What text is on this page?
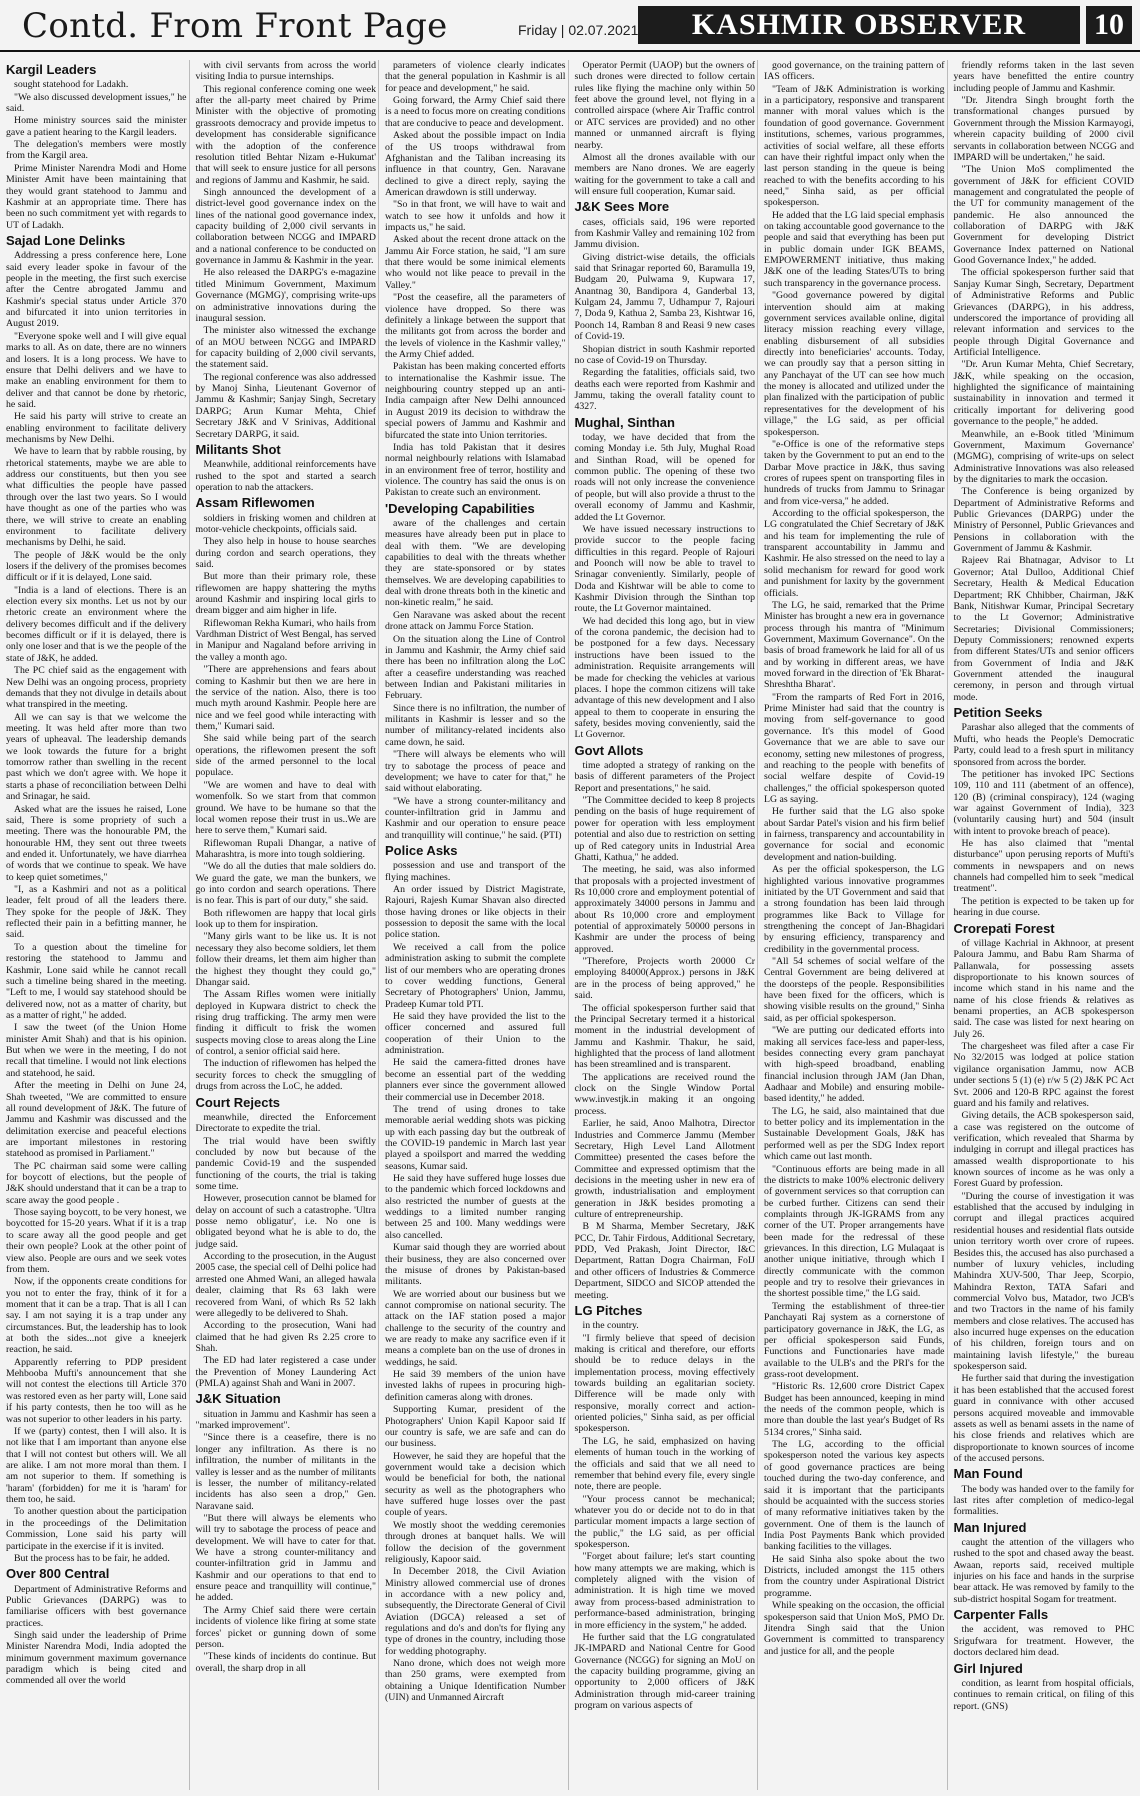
Contd. From Front Page	Friday | 02.07.2021	KASHMIR OBSERVER	10
Kargil Leaders

sought statehood for Ladakh.

"We also discussed development issues," he said.

Home ministry sources said the minister gave a patient hearing to the Kargil leaders.

The delegation's members were mostly from the Kargil area.

Prime Minister Narendra Modi and Home Minister Amit have been maintaining that they would grant statehood to Jammu and Kashmir at an appropriate time. There has been no such commitment yet with regards to UT of Ladakh.

Sajad Lone Delinks

Addressing a press conference here, Lone said every leader spoke in favour of the people in the meeting, the first such exercise after the Centre abrogated Jammu and Kashmir's special status under Article 370 and bifurcated it into union territories in August 2019.

"Everyone spoke well and I will give equal marks to all. As on date, there are no winners and losers. It is a long process. We have to ensure that Delhi delivers and we have to make an enabling environment for them to deliver and that cannot be done by rhetoric, he said.

He said his party will strive to create an enabling environment to facilitate delivery mechanisms by New Delhi.

We have to learn that by rabble rousing, by rhetorical statements, maybe we are able to address our constituents, but then you see what difficulties the people have passed through over the last two years. So I would have thought as one of the parties who was there, we will strive to create an enabling environment to facilitate delivery mechanisms by Delhi, he said.

The people of J&K would be the only losers if the delivery of the promises becomes difficult or if it is delayed, Lone said.

"India is a land of elections. There is an election every six months. Let us not by our rhetoric create an environment where the delivery becomes difficult and if the delivery becomes difficult or if it is delayed, there is only one loser and that is we the people of the state of J&K, he added.

The PC chief said as the engagement with New Delhi was an ongoing process, propriety demands that they not divulge in details about what transpired in the meeting.

All we can say is that we welcome the meeting. It was held after more than two years of upheaval. The leadership demands we look towards the future for a bright tomorrow rather than swelling in the recent past which we don't agree with. We hope it starts a phase of reconciliation between Delhi and Srinagar, he said.

Asked what are the issues he raised, Lone said, There is some propriety of such a meeting. There was the honourable PM, the honourable HM, they sent out three tweets and ended it. Unfortunately, we have diarrhea of words that we continue to speak. We have to keep quiet sometimes,"

"I, as a Kashmiri and not as a political leader, felt proud of all the leaders there. They spoke for the people of J&K. They reflected their pain in a befitting manner, he said.

To a question about the timeline for restoring the statehood to Jammu and Kashmir, Lone said while he cannot recall such a timeline being shared in the meeting. "Left to me, I would say statehood should be delivered now, not as a matter of charity, but as a matter of right," he added.

I saw the tweet (of the Union Home minister Amit Shah) and that is his opinion. But when we were in the meeting, I do not recall that timeline. I would not link elections and statehood, he said.

After the meeting in Delhi on June 24, Shah tweeted, "We are committed to ensure all round development of J&K. The future of Jammu and Kashmir was discussed and the delimitation exercise and peaceful elections are important milestones in restoring statehood as promised in Parliament."

The PC chairman said some were calling for boycott of elections, but the people of J&K should understand that it can be a trap to scare away the good people .

Those saying boycott, to be very honest, we boycotted for 15-20 years. What if it is a trap to scare away all the good people and get their own people? Look at the other point of view also. People are ours and we seek votes from them.

Now, if the opponents create conditions for you not to enter the fray, think of it for a moment that it can be a trap. That is all I can say. I am not saying it is a trap under any circumstances. But, the leadership has to look at both the sides...not give a kneejerk reaction, he said.

Apparently referring to PDP president Mehbooba Mufti's announcement that she will not contest the elections till Article 370 was restored even as her party will, Lone said if his party contests, then he too will as he was not superior to other leaders in his party.

If we (party) contest, then I will also. It is not like that I am important than anyone else that I will not contest but others will. We all are alike. I am not more moral than them. I am not superior to them. If something is 'haram' (forbidden) for me it is 'haram' for them too, he said.

To another question about the participation in the proceedings of the Delimitation Commission, Lone said his party will participate in the exercise if it is invited.

But the process has to be fair, he added.

Over 800 Central

Department of Administrative Reforms and Public Grievances (DARPG) was to familiarise officers with best governance practices.

Singh said under the leadership of Prime Minister Narendra Modi, India adopted the minimum government maximum governance paradigm which is being cited and commended all over the world

with civil servants from across the world visiting India to pursue internships.

This regional conference coming one week after the all-party meet chaired by Prime Minister with the objective of promoting grassroots democracy and provide impetus to development has considerable significance with the adoption of the conference resolution titled Behtar Nizam e-Hukumat' that will seek to ensure justice for all persons and regions of Jammu and Kashmir, he said.

Singh announced the development of a district-level good governance index on the lines of the national good governance index, capacity building of 2,000 civil servants in collaboration between NCGG and IMPARD and a national conference to be conducted on governance in Jammu & Kashmir in the year.

He also released the DARPG's e-magazine titled Minimum Government, Maximum Governance (MGMG)', comprising write-ups on administrative innovations during the inaugural session.

The minister also witnessed the exchange of an MOU between NCGG and IMPARD for capacity building of 2,000 civil servants, the statement said.

The regional conference was also addressed by Manoj Sinha, Lieutenant Governor of Jammu & Kashmir; Sanjay Singh, Secretary DARPG; Arun Kumar Mehta, Chief Secretary J&K and V Srinivas, Additional Secretary DARPG, it said.

Militants Shot

Meanwhile, additional reinforcements have rushed to the spot and started a search operation to nab the attackers.

Assam Riflewomen

soldiers in frisking women and children at motor-vehicle checkpoints, officials said.

They also help in house to house searches during cordon and search operations, they said.

But more than their primary role, these riflewomen are happy shattering the myths around Kashmir and inspiring local girls to dream bigger and aim higher in life.

Riflewoman Rekha Kumari, who hails from Vardhman District of West Bengal, has served in Manipur and Nagaland before arriving in the valley a month ago.

"There are apprehensions and fears about coming to Kashmir but then we are here in the service of the nation. Also, there is too much myth around Kashmir. People here are nice and we feel good while interacting with them," Kumari said.

She said while being part of the search operations, the riflewomen present the soft side of the armed personnel to the local populace.

"We are women and have to deal with womenfolk. So we start from that common ground. We have to be humane so that the local women repose their trust in us..We are here to serve them," Kumari said.

Riflewoman Rupali Dhangar, a native of Maharashtra, is more into tough soldiering.

"We do all the duties that male soldiers do. We guard the gate, we man the bunkers, we go into cordon and search operations. There is no fear. This is part of our duty," she said.

Both riflewomen are happy that local girls look up to them for inspiration.

"Many girls want to be like us. It is not necessary they also become soldiers, let them follow their dreams, let them aim higher than the highest they thought they could go," Dhangar said.

The Assam Rifles women were initially deployed in Kupwara district to check the rising drug trafficking. The army men were finding it difficult to frisk the women suspects moving close to areas along the Line of control, a senior official said here.

The induction of riflewomen has helped the security forces to check the smuggling of drugs from across the LoC, he added.

Court Rejects

meanwhile, directed the Enforcement Directorate to expedite the trial.

The trial would have been swiftly concluded by now but because of the pandemic Covid-19 and the suspended functioning of the courts, the trial is taking some time.

However, prosecution cannot be blamed for delay on account of such a catastrophe. 'Ultra posse nemo obligatur', i.e. No one is obligated beyond what he is able to do, the judge said.

According to the prosecution, in the August 2005 case, the special cell of Delhi police had arrested one Ahmed Wani, an alleged hawala dealer, claiming that Rs 63 lakh were recovered from Wani, of which Rs 52 lakh were allegedly to be delivered to Shah.

According to the prosecution, Wani had claimed that he had given Rs 2.25 crore to Shah.

The ED had later registered a case under the Prevention of Money Laundering Act (PMLA) against Shah and Wani in 2007.

J&K Situation

situation in Jammu and Kashmir has seen a "marked improvement".

"Since there is a ceasefire, there is no longer any infiltration. As there is no infiltration, the number of militants in the valley is lesser and as the number of militants is lesser, the number of militancy-related incidents has also seen a drop," Gen. Naravane said.

"But there will always be elements who will try to sabotage the process of peace and development. We will have to cater for that. We have a strong counter-militancy and counter-infiltration grid in Jammu and Kashmir and our operations to that end to ensure peace and tranquillity will continue," he added.

The Army Chief said there were certain incidents of violence like firing at some state forces' picket or gunning down of some person.

"These kinds of incidents do continue. But overall, the sharp drop in all

parameters of violence clearly indicates that the general population in Kashmir is all for peace and development," he said.

Going forward, the Army Chief said there is a need to focus more on creating conditions that are conducive to peace and development.

Asked about the possible impact on India of the US troops withdrawal from Afghanistan and the Taliban increasing its influence in that country, Gen. Naravane declined to give a direct reply, saying the American drawdown is still underway.

"So in that front, we will have to wait and watch to see how it unfolds and how it impacts us," he said.

Asked about the recent drone attack on the Jammu Air Force station, he said, "I am sure that there would be some inimical elements who would not like peace to prevail in the Valley."

"Post the ceasefire, all the parameters of violence have dropped. So there was definitely a linkage between the support that the militants got from across the border and the levels of violence in the Kashmir valley," the Army Chief added.

Pakistan has been making concerted efforts to internationalise the Kashmir issue. The neighbouring country stepped up an anti-India campaign after New Delhi announced in August 2019 its decision to withdraw the special powers of Jammu and Kashmir and bifurcated the state into Union territories.

India has told Pakistan that it desires normal neighbourly relations with Islamabad in an environment free of terror, hostility and violence. The country has said the onus is on Pakistan to create such an environment.

'Developing Capabilities

aware of the challenges and certain measures have already been put in place to deal with them. "We are developing capabilities to deal with the threats whether they are state-sponsored or by states themselves. We are developing capabilities to deal with drone threats both in the kinetic and non-kinetic realm," he said.

Gen Naravane was asked about the recent drone attack on Jammu Force Station.

On the situation along the Line of Control in Jammu and Kashmir, the Army chief said there has been no infiltration along the LoC after a ceasefire understanding was reached between Indian and Pakistani militaries in February.

Since there is no infiltration, the number of militants in Kashmir is lesser and so the number of militancy-related incidents also came down, he said.

"There will always be elements who will try to sabotage the process of peace and development; we have to cater for that," he said without elaborating.

"We have a strong counter-militancy and counter-infiltration grid in Jammu and Kashmir and our operation to ensure peace and tranquillity will continue," he said. (PTI)

Police Asks

possession and use and transport of the flying machines.

An order issued by District Magistrate, Rajouri, Rajesh Kumar Shavan also directed those having drones or like objects in their possession to deposit the same with the local police station.

We received a call from the police administration asking to submit the complete list of our members who are operating drones to cover wedding functions, General Secretary of Photographers' Union, Jammu, Pradeep Kumar told PTI.

He said they have provided the list to the officer concerned and assured full cooperation of their Union to the administration.

He said the camera-fitted drones have become an essential part of the wedding planners ever since the government allowed their commercial use in December 2018.

The trend of using drones to take memorable aerial wedding shots was picking up with each passing day but the outbreak of the COVID-19 pandemic in March last year played a spoilsport and marred the wedding seasons, Kumar said.

He said they have suffered huge losses due to the pandemic which forced lockdowns and also restricted the number of guests at the weddings to a limited number ranging between 25 and 100. Many weddings were also cancelled.

Kumar said though they are worried about their business, they are also concerned over the misuse of drones by Pakistan-based militants.

We are worried about our business but we cannot compromise on national security. The attack on the IAF station posed a major challenge to the security of the country and we are ready to make any sacrifice even if it means a complete ban on the use of drones in weddings, he said.

He said 39 members of the union have invested lakhs of rupees in procuring high-definition cameras along with drones.

Supporting Kumar, president of the Photographers' Union Kapil Kapoor said If our country is safe, we are safe and can do our business.

However, he said they are hopeful that the government would take a decision which would be beneficial for both, the national security as well as the photographers who have suffered huge losses over the past couple of years.

We mostly shoot the wedding ceremonies through drones at banquet halls. We will follow the decision of the government religiously, Kapoor said.

In December 2018, the Civil Aviation Ministry allowed commercial use of drones in accordance with a new policy and, subsequently, the Directorate General of Civil Aviation (DGCA) released a set of regulations and do's and don'ts for flying any type of drones in the country, including those for wedding photography.

Nano drone, which does not weigh more than 250 grams, were exempted from obtaining a Unique Identification Number (UIN) and Unmanned Aircraft

Operator Permit (UAOP) but the owners of such drones were directed to follow certain rules like flying the machine only within 50 feet above the ground level, not flying in a controlled airspace (where Air Traffic control or ATC services are provided) and no other manned or unmanned aircraft is flying nearby.

Almost all the drones available with our members are Nano drones. We are eagerly waiting for the government to take a call and will ensure full cooperation, Kumar said.

J&K Sees More

cases, officials said, 196 were reported from Kashmir Valley and remaining 102 from Jammu division.

Giving district-wise details, the officials said that Srinagar reported 60, Baramulla 19, Budgam 20, Pulwama 9, Kupwara 17, Anantnag 30, Bandipora 4, Ganderbal 13, Kulgam 24, Jammu 7, Udhampur 7, Rajouri 7, Doda 9, Kathua 2, Samba 23, Kishtwar 16, Poonch 14, Ramban 8 and Reasi 9 new cases of Covid-19.

Shopian district in south Kashmir reported no case of Covid-19 on Thursday.

Regarding the fatalities, officials said, two deaths each were reported from Kashmir and Jammu, taking the overall fatality count to 4327.

Mughal, Sinthan

today, we have decided that from the coming Monday i.e. 5th July, Mughal Road and Sinthan Road, will be opened for common public. The opening of these two roads will not only increase the convenience of people, but will also provide a thrust to the overall economy of Jammu and Kashmir, added the Lt Governor.

We have issued necessary instructions to provide succor to the people facing difficulties in this regard. People of Rajouri and Poonch will now be able to travel to Srinagar conveniently. Similarly, people of Doda and Kishtwar will be able to come to Kashmir Division through the Sinthan top route, the Lt Governor maintained.

We had decided this long ago, but in view of the corona pandemic, the decision had to be postponed for a few days. Necessary instructions have been issued to the administration. Requisite arrangements will be made for checking the vehicles at various places. I hope the common citizens will take advantage of this new development and I also appeal to them to cooperate in ensuring the safety, besides moving conveniently, said the Lt Governor.

Govt Allots

time adopted a strategy of ranking on the basis of different parameters of the Project Report and presentations," he said.

"The Committee decided to keep 8 projects pending on the basis of huge requirement of power for operation with less employment potential and also due to restriction on setting up of Red category units in Industrial Area Ghatti, Kathua," he added.

The meeting, he said, was also informed that proposals with a projected investment of Rs 10,000 crore and employment potential of approximately 34000 persons in Jammu and about Rs 10,000 crore and employment potential of approximately 50000 persons in Kashmir are under the process of being approved.

"Therefore, Projects worth 20000 Cr employing 84000(Approx.) persons in J&K are in the process of being approved," he said.

The official spokesperson further said that the Principal Secretary termed it a historical moment in the industrial development of Jammu and Kashmir. Thakur, he said, highlighted that the process of land allotment has been streamlined and is transparent.

The applications are received round the clock on the Single Window Portal www.investjk.in making it an ongoing process.

Earlier, he said, Anoo Malhotra, Director Industries and Commerce Jammu (Member Secretary, High Level Land Allotment Committee) presented the cases before the Committee and expressed optimism that the decisions in the meeting usher in new era of growth, industrialisation and employment generation in J&K besides promoting a culture of entrepreneurship.

B M Sharma, Member Secretary, J&K PCC, Dr. Tahir Firdous, Additional Secretary, PDD, Ved Prakash, Joint Director, I&C Department, Rattan Dogra Chairman, FoIJ and other officers of Industries & Commerce Department, SIDCO and SICOP attended the meeting.

LG Pitches

in the country.

"I firmly believe that speed of decision making is critical and therefore, our efforts should be to reduce delays in the implementation process, moving effectively towards building an egalitarian society. Difference will be made only with responsive, morally correct and action-oriented policies," Sinha said, as per official spokesperson.

The LG, he said, emphasized on having elements of human touch in the working of the officials and said that we all need to remember that behind every file, every single note, there are people.

"Your process cannot be mechanical; whatever you do or decide not to do in that particular moment impacts a large section of the public," the LG said, as per official spokesperson.

"Forget about failure; let's start counting how many attempts we are making, which is completely aligned with the vision of administration. It is high time we moved away from process-based administration to performance-based administration, bringing in more efficiency in the system," he added.

He further said that the LG congratulated JK-IMPARD and National Centre for Good Governance (NCGG) for signing an MoU on the capacity building programme, giving an opportunity to 2,000 officers of J&K Administration through mid-career training program on various aspects of

good governance, on the training pattern of IAS officers.

"Team of J&K Administration is working in a participatory, responsive and transparent manner with moral values which is the foundation of good governance. Government institutions, schemes, various programmes, activities of social welfare, all these efforts can have their rightful impact only when the last person standing in the queue is being reached to with the benefits according to his need," Sinha said, as per official spokesperson.

He added that the LG laid special emphasis on taking accountable good governance to the people and said that everything has been put in public domain under IGK BEAMS, EMPOWERMENT initiative, thus making J&K one of the leading States/UTs to bring such transparency in the governance process.

"Good governance powered by digital intervention should aim at making government services available online, digital literacy mission reaching every village, enabling disbursement of all subsidies directly into beneficiaries' accounts. Today, we can proudly say that a person sitting in any Panchayat of the UT can see how much the money is allocated and utilized under the plan finalized with the participation of public representatives for the development of his village," the LG said, as per official spokesperson.

"e-Office is one of the reformative steps taken by the Government to put an end to the Darbar Move practice in J&K, thus saving crores of rupees spent on transporting files in hundreds of trucks from Jammu to Srinagar and from vice-versa," he added.

According to the official spokesperson, the LG congratulated the Chief Secretary of J&K and his team for implementing the rule of transparent accountability in Jammu and Kashmir. He also stressed on the need to lay a solid mechanism for reward for good work and punishment for laxity by the government officials.

The LG, he said, remarked that the Prime Minister has brought a new era in governance process through his mantra of "Minimum Government, Maximum Governance". On the basis of broad framework he laid for all of us and by working in different areas, we have moved forward in the direction of 'Ek Bharat- Shreshtha Bharat'.

"From the ramparts of Red Fort in 2016, Prime Minister had said that the country is moving from self-governance to good governance. It's this model of Good Governance that we are able to save our economy, setting new milestones of progress, and reaching to the people with benefits of social welfare despite of Covid-19 challenges," the official spokesperson quoted LG as saying.

He further said that the LG also spoke about Sardar Patel's vision and his firm belief in fairness, transparency and accountability in governance for social and economic development and nation-building.

As per the official spokesperson, the LG highlighted various innovative programmes initiated by the UT Government and said that a strong foundation has been laid through programmes like Back to Village for strengthening the concept of Jan-Bhagidari by ensuring efficiency, transparency and credibility in the governmental process.

"All 54 schemes of social welfare of the Central Government are being delivered at the doorsteps of the people. Responsibilities have been fixed for the officers, which is showing visible results on the ground," Sinha said, as per official spokesperson.

"We are putting our dedicated efforts into making all services face-less and paper-less, besides connecting every gram panchayat with high-speed broadband, enabling financial inclusion through JAM (Jan Dhan, Aadhaar and Mobile) and ensuring mobile-based identity," he added.

The LG, he said, also maintained that due to better policy and its implementation in the Sustainable Development Goals, J&K has performed well as per the SDG Index report which came out last month.

"Continuous efforts are being made in all the districts to make 100% electronic delivery of government services so that corruption can be curbed further. Citizens can send their complaints through JK-IGRAMS from any corner of the UT. Proper arrangements have been made for the redressal of these grievances. In this direction, LG Mulaqaat is another unique initiative, through which I directly communicate with the common people and try to resolve their grievances in the shortest possible time," the LG said.

Terming the establishment of three-tier Panchayati Raj system as a cornerstone of participatory governance in J&K, the LG, as per official spokesperson said Funds, Functions and Functionaries have made available to the ULB's and the PRI's for the grass-root development.

"Historic Rs. 12,600 crore District Capex Budget has been announced, keeping in mind the needs of the common people, which is more than double the last year's Budget of Rs 5134 crores," Sinha said.

The LG, according to the official spokesperson noted the various key aspects of good governance practices are being touched during the two-day conference, and said it is important that the participants should be acquainted with the success stories of many reformative initiatives taken by the government. One of them is the launch of India Post Payments Bank which provided banking facilities to the villages.

He said Sinha also spoke about the two Districts, included amongst the 115 others from the country under Aspirational District programme.

While speaking on the occasion, the official spokesperson said that Union MoS, PMO Dr. Jitendra Singh said that the Union Government is committed to transparency and justice for all, and the people

friendly reforms taken in the last seven years have benefitted the entire country including people of Jammu and Kashmir.

"Dr. Jitendra Singh brought forth the transformational changes pursued by Government through the Mission Karmayogi, wherein capacity building of 2000 civil servants in collaboration between NCGG and IMPARD will be undertaken," he said.

"The Union MoS complimented the government of J&K for efficient COVID management and congratulated the people of the UT for community management of the pandemic. He also announced the collaboration of DARPG with J&K Government for developing District Governance Index patterned on National Good Governance Index," he added.

The official spokesperson further said that Sanjay Kumar Singh, Secretary, Department of Administrative Reforms and Public Grievances (DARPG), in his address, underscored the importance of providing all relevant information and services to the people through Digital Governance and Artificial Intelligence.

"Dr. Arun Kumar Mehta, Chief Secretary, J&K, while speaking on the occasion, highlighted the significance of maintaining sustainability in innovation and termed it critically important for delivering good governance to the people," he added.

Meanwhile, an e-Book titled 'Minimum Government, Maximum Governance' (MGMG), comprising of write-ups on select Administrative Innovations was also released by the dignitaries to mark the occasion.

The Conference is being organized by Department of Administrative Reforms and Public Grievances (DARPG) under the Ministry of Personnel, Public Grievances and Pensions in collaboration with the Government of Jammu & Kashmir.

Rajeev Rai Bhatnagar, Advisor to Lt Governor; Atal Dulloo, Additional Chief Secretary, Health & Medical Education Department; RK Chhibber, Chairman, J&K Bank, Nitishwar Kumar, Principal Secretary to the Lt Governor; Administrative Secretaries; Divisional Commissioners; Deputy Commissioners; renowned experts from different States/UTs and senior officers from Government of India and J&K Government attended the inaugural ceremony, in person and through virtual mode.

Petition Seeks

Parashar also alleged that the comments of Mufti, who heads the People's Democratic Party, could lead to a fresh spurt in militancy sponsored from across the border.

The petitioner has invoked IPC Sections 109, 110 and 111 (abetment of an offence), 120 (B) (criminal conspiracy), 124 (waging war against Government of India), 323 (voluntarily causing hurt) and 504 (insult with intent to provoke breach of peace).

He has also claimed that "mental disturbance" upon perusing reports of Mufti's comments in newspapers and on news channels had compelled him to seek "medical treatment".

The petition is expected to be taken up for hearing in due course.

Crorepati Forest

of village Kachrial in Akhnoor, at present Paloura Jammu, and Babu Ram Sharma of Pallanwala, for possessing assets disproportionate to his known sources of income which stand in his name and the name of his close friends & relatives as benami properties, an ACB spokesperson said. The case was listed for next hearing on July 26.

The chargesheet was filed after a case Fir No 32/2015 was lodged at police station vigilance organisation Jammu, now ACB under sections 5 (1) (e) r/w 5 (2) J&K PC Act Svt. 2006 and 120-B RPC against the forest guard and his family and relatives.

Giving details, the ACB spokesperson said, a case was registered on the outcome of verification, which revealed that Sharma by indulging in corrupt and illegal practices has amassed wealth disproportionate to his known sources of income as he was only a Forest Guard by profession.

"During the course of investigation it was established that the accused by indulging in corrupt and illegal practices acquired residential houses and residential flats outside union territory worth over crore of rupees. Besides this, the accused has also purchased a number of luxury vehicles, including Mahindra XUV-500, Thar Jeep, Scorpio, Mahindra Rexton, TATA Safari and commercial Volvo bus, Matador, two JCB's and two Tractors in the name of his family members and close relatives. The accused has also incurred huge expenses on the education of his children, foreign tours and on maintaining lavish lifestyle," the bureau spokesperson said.

He further said that during the investigation it has been established that the accused forest guard in connivance with other accused persons acquired moveable and immovable assets as well as benami assets in the name of his close friends and relatives which are disproportionate to known sources of income of the accused persons.

Man Found

The body was handed over to the family for last rites after completion of medico-legal formalities.

Man Injured

caught the attention of the villagers who rushed to the spot and chased away the beast. Awaan, reports said, received multiple injuries on his face and hands in the surprise bear attack. He was removed by family to the sub-district hospital Sogam for treatment.

Carpenter Falls

the accident, was removed to PHC Srigufwara for treatment. However, the doctors declared him dead.

Girl Injured

condition, as learnt from hospital officials, continues to remain critical, on filing of this report. (GNS)
